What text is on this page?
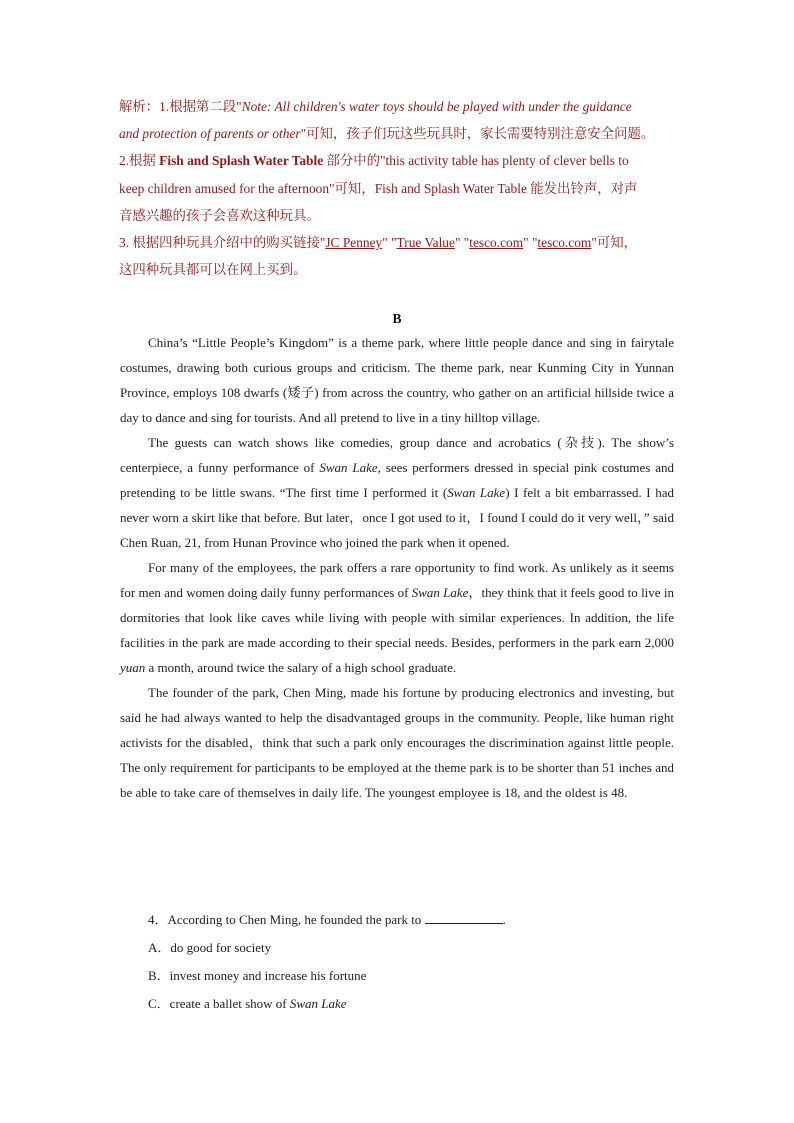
解析：1.根据第二段"Note: All children's water toys should be played with under the guidance

and protection of parents or other"可知，孩子们玩这些玩具时，家长需要特别注意安全问题。

2.根据 Fish and Splash Water Table 部分中的"this activity table has plenty of clever bells to

keep children amused for the afternoon"可知，Fish and Splash Water Table 能发出铃声，对声

音感兴趣的孩子会喜欢这种玩具。

3. 根据四种玩具介绍中的购买链接"JC Penney" "True Value" "tesco.com" "tesco.com"可知，

这四种玩具都可以在网上买到。

B

China’s “Little People’s Kingdom” is a theme park, where little people dance and sing in fairytale costumes, drawing both curious groups and criticism. The theme park, near Kunming City in Yunnan Province, employs 108 dwarfs (矮子) from across the country, who gather on an artificial hillside twice a day to dance and sing for tourists. And all pretend to live in a tiny hilltop village.

The guests can watch shows like comedies, group dance and acrobatics (杂技). The show’s centerpiece, a funny performance of Swan Lake, sees performers dressed in special pink costumes and pretending to be little swans. “The first time I performed it (Swan Lake) I felt a bit embarrassed. I had never worn a skirt like that before. But later，once I got used to it，I found I could do it very well，” said Chen Ruan, 21, from Hunan Province who joined the park when it opened.

For many of the employees, the park offers a rare opportunity to find work. As unlikely as it seems for men and women doing daily funny performances of Swan Lake，they think that it feels good to live in dormitories that look like caves while living with people with similar experiences. In addition, the life facilities in the park are made according to their special needs. Besides, performers in the park earn 2,000 yuan a month, around twice the salary of a high school graduate.

The founder of the park, Chen Ming, made his fortune by producing electronics and investing, but said he had always wanted to help the disadvantaged groups in the community. People, like human right activists for the disabled，think that such a park only encourages the discrimination against little people. The only requirement for participants to be employed at the theme park is to be shorter than 51 inches and be able to take care of themselves in daily life. The youngest employee is 18, and the oldest is 48.

4．According to Chen Ming, he founded the park to	.

A．do good for society

B．invest money and increase his fortune

C．create a ballet show of Swan Lake
